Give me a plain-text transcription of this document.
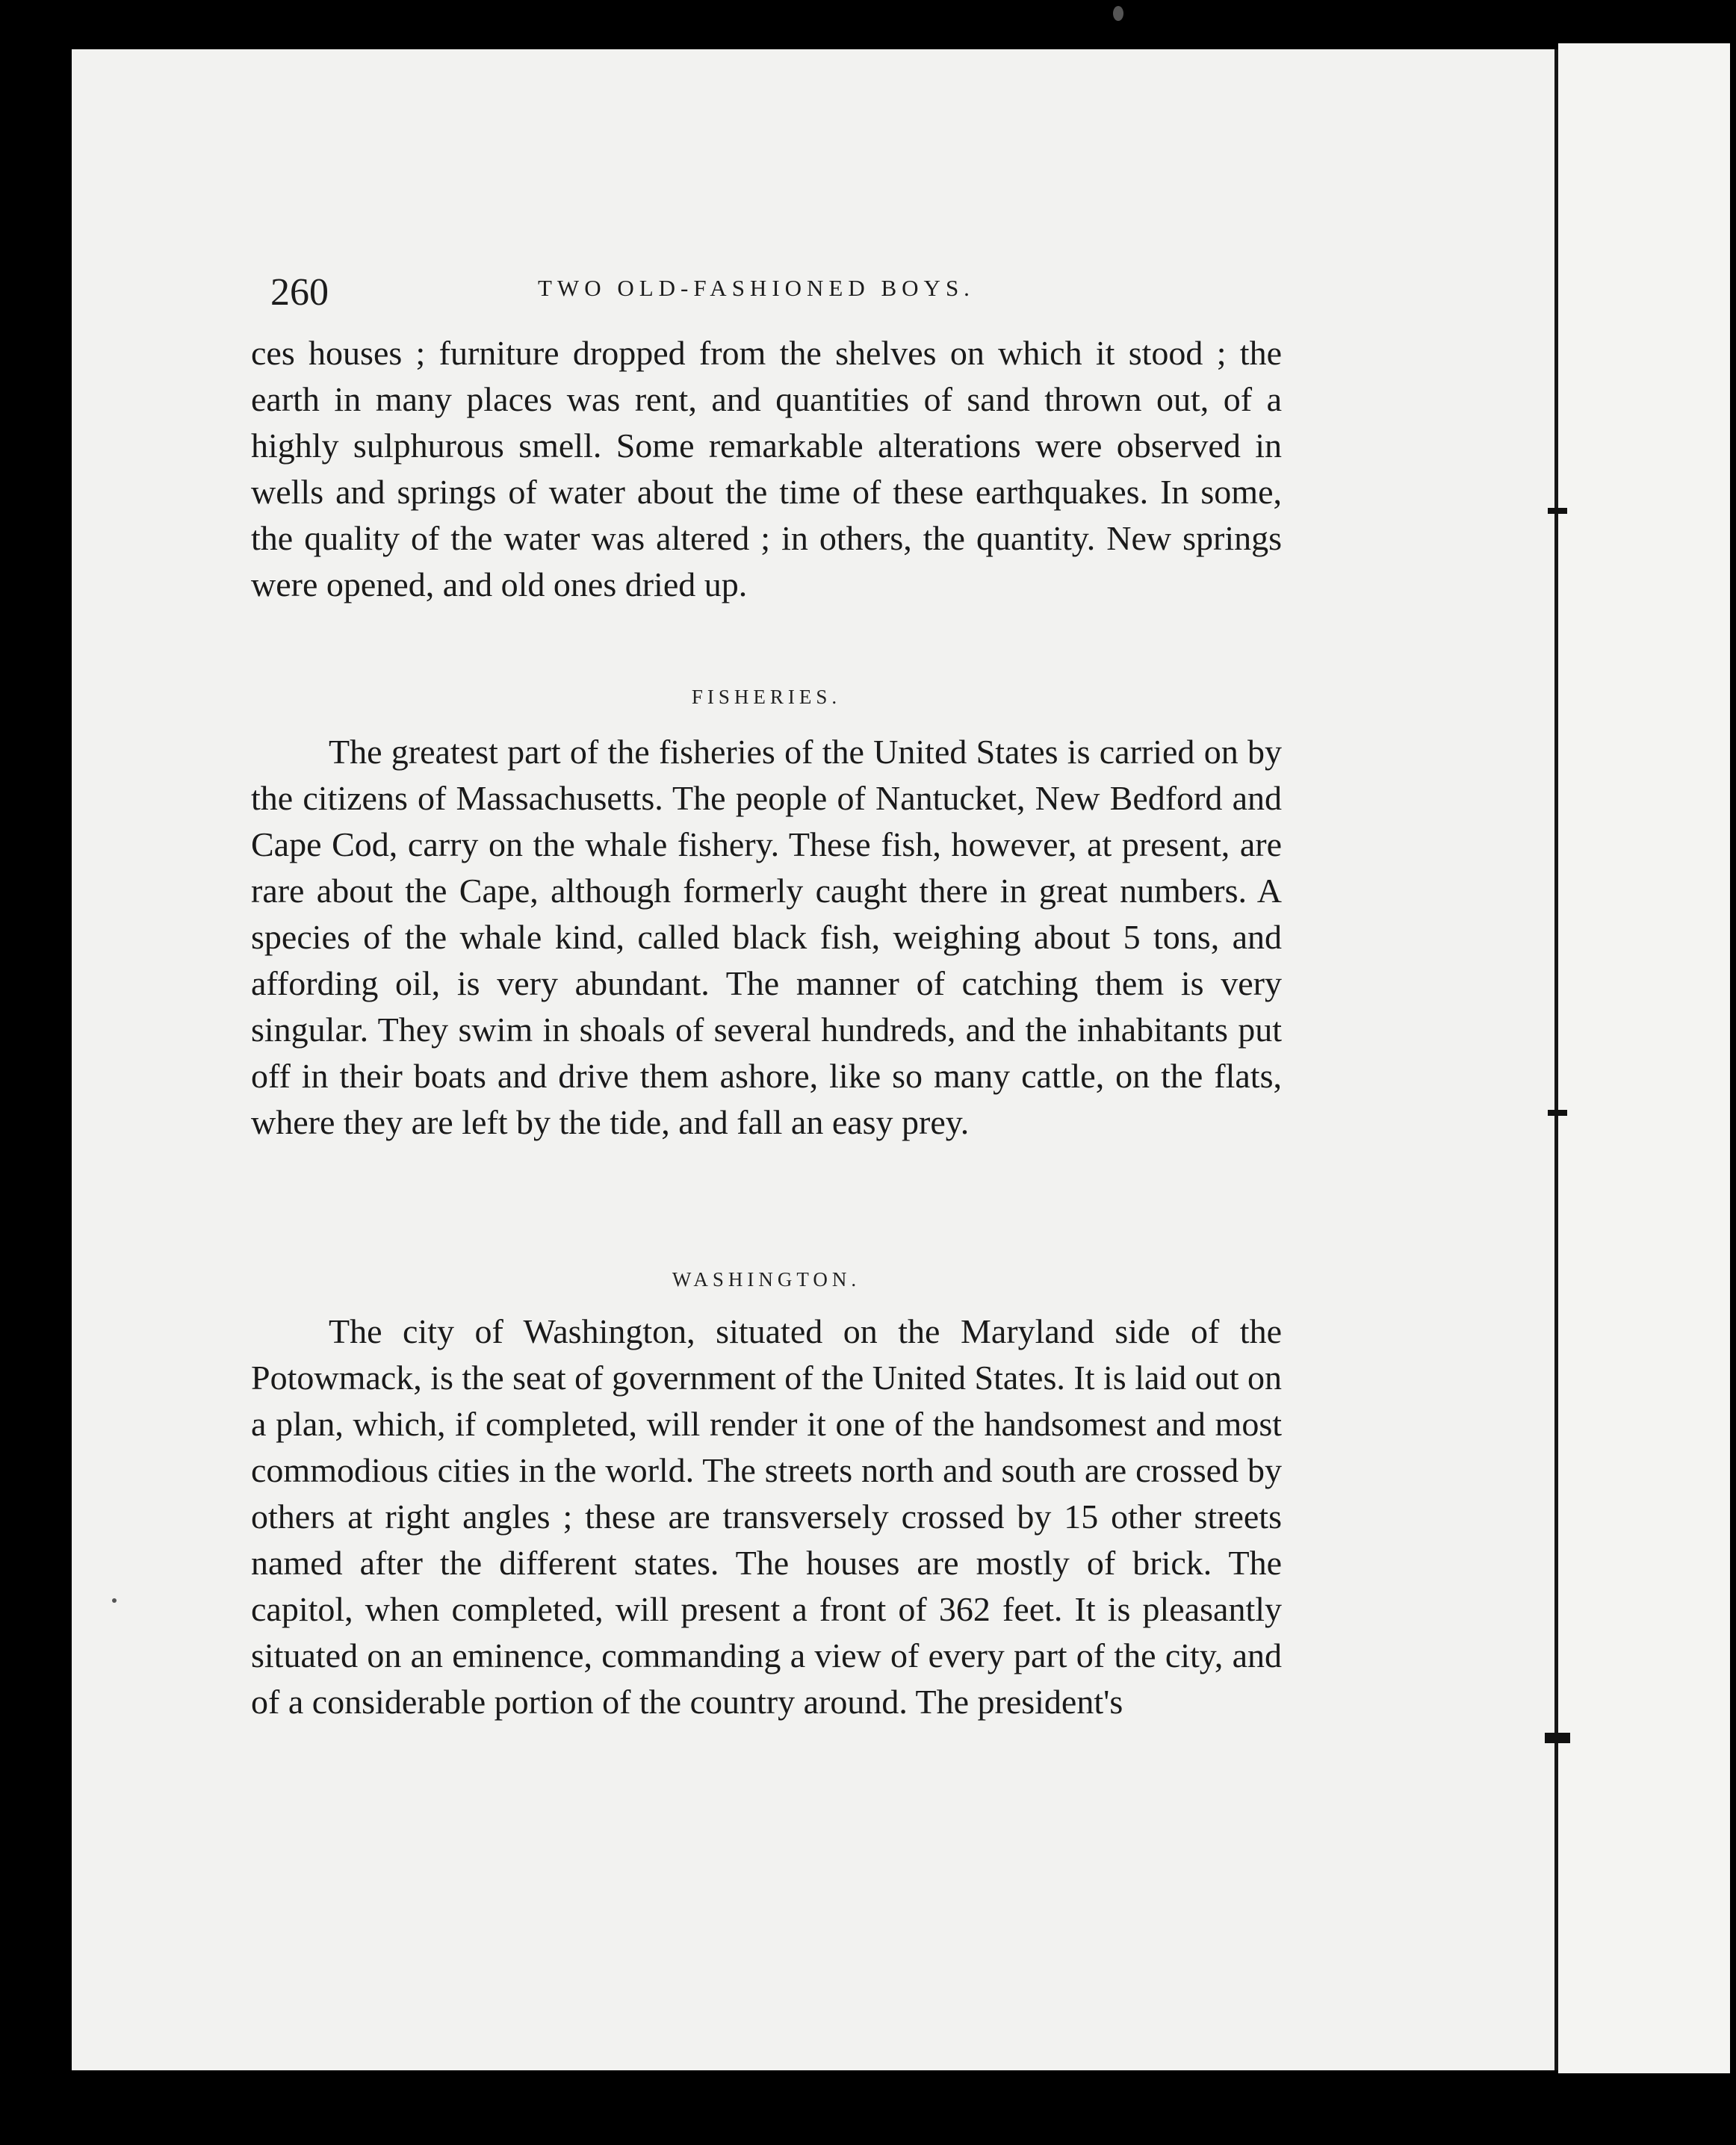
260	TWO OLD-FASHIONED BOYS.

ces houses ; furniture dropped from the shelves on which it stood ; the earth in many places was rent, and quantities of sand thrown out, of a highly sulphurous smell. Some remarkable alterations were observed in wells and springs of water about the time of these earthquakes. In some, the quality of the water was altered ; in others, the quantity. New springs were opened, and old ones dried up.

FISHERIES.

The greatest part of the fisheries of the United States is carried on by the citizens of Massachusetts. The people of Nantucket, New Bedford and Cape Cod, carry on the whale fishery. These fish, however, at present, are rare about the Cape, although formerly caught there in great numbers. A species of the whale kind, called black fish, weighing about 5 tons, and affording oil, is very abundant. The manner of catching them is very singular. They swim in shoals of several hundreds, and the inhabitants put off in their boats and drive them ashore, like so many cattle, on the flats, where they are left by the tide, and fall an easy prey.

WASHINGTON.

The city of Washington, situated on the Maryland side of the Potowmack, is the seat of government of the United States. It is laid out on a plan, which, if completed, will render it one of the handsomest and most commodious cities in the world. The streets north and south are crossed by others at right angles ; these are transversely crossed by 15 other streets named after the different states. The houses are mostly of brick. The capitol, when completed, will present a front of 362 feet. It is pleasantly situated on an eminence, commanding a view of every part of the city, and of a considerable portion of the country around. The president's
